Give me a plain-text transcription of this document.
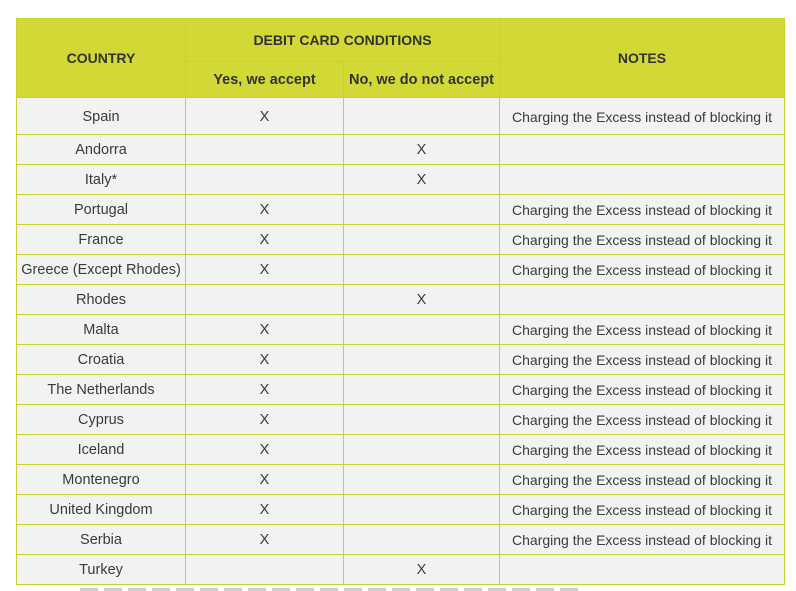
COUNTRY	DEBIT CARD CONDITIONS		NOTES
	Yes, we accept	No, we do not accept	
Spain	X		Charging the Excess instead of blocking it
Andorra		X	
Italy*		X	
Portugal	X		Charging the Excess instead of blocking it
France	X		Charging the Excess instead of blocking it
Greece (Except Rhodes)	X		Charging the Excess instead of blocking it
Rhodes		X	
Malta	X		Charging the Excess instead of blocking it
Croatia	X		Charging the Excess instead of blocking it
The Netherlands	X		Charging the Excess instead of blocking it
Cyprus	X		Charging the Excess instead of blocking it
Iceland	X		Charging the Excess instead of blocking it
Montenegro	X		Charging the Excess instead of blocking it
United Kingdom	X		Charging the Excess instead of blocking it
Serbia	X		Charging the Excess instead of blocking it
Turkey		X	
